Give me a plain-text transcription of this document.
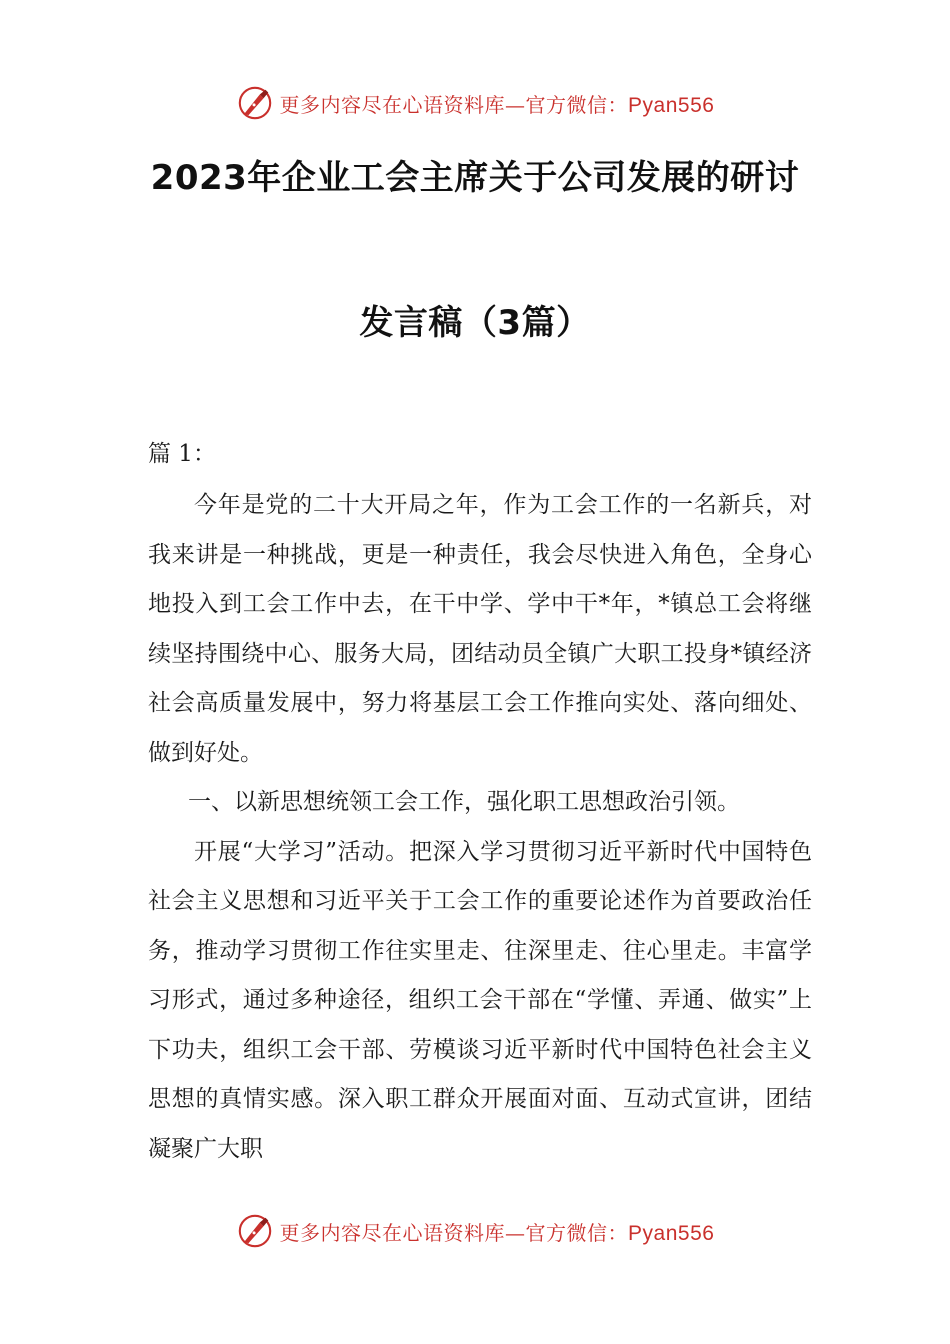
更多内容尽在心语资料库—官方微信：Pyan556
2023年企业工会主席关于公司发展的研讨
发言稿（3篇）

篇 1：

今年是党的二十大开局之年，作为工会工作的一名新兵，对我来讲是一种挑战，更是一种责任，我会尽快进入角色，全身心地投入到工会工作中去，在干中学、学中干*年，*镇总工会将继续坚持围绕中心、服务大局，团结动员全镇广大职工投身*镇经济社会高质量发展中，努力将基层工会工作推向实处、落向细处、做到好处。

一、以新思想统领工会工作，强化职工思想政治引领。

开展“大学习”活动。把深入学习贯彻习近平新时代中国特色社会主义思想和习近平关于工会工作的重要论述作为首要政治任务，推动学习贯彻工作往实里走、往深里走、往心里走。丰富学习形式，通过多种途径，组织工会干部在“学懂、弄通、做实”上下功夫，组织工会干部、劳模谈习近平新时代中国特色社会主义思想的真情实感。深入职工群众开展面对面、互动式宣讲，团结凝聚广大职

更多内容尽在心语资料库—官方微信：Pyan556
